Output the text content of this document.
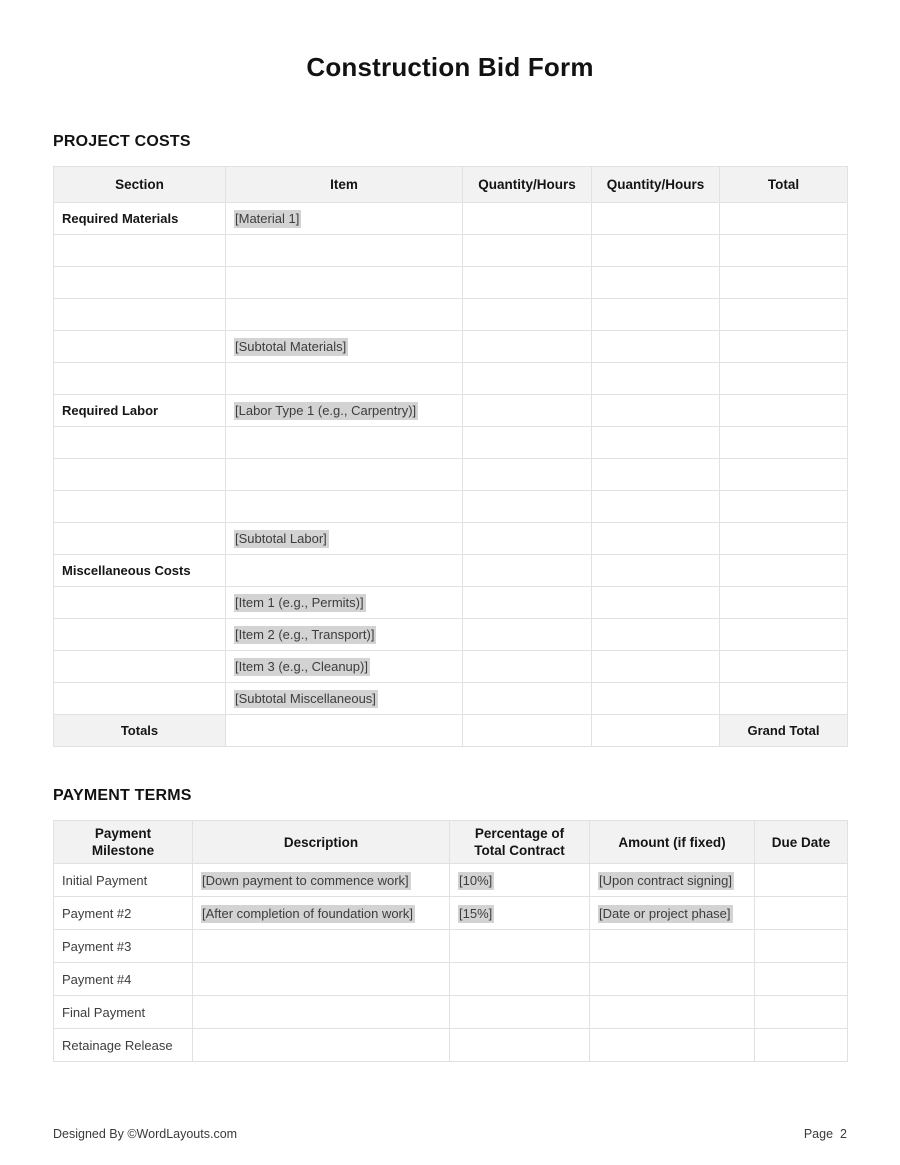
Construction Bid Form
PROJECT COSTS
Section	Item	Quantity/Hours	Quantity/Hours	Total
Required Materials	[Material 1]			

	[Subtotal Materials]			

Required Labor	[Labor Type 1 (e.g., Carpentry)]			

	[Subtotal Labor]			
Miscellaneous Costs				
	[Item 1 (e.g., Permits)]			
	[Item 2 (e.g., Transport)]			
	[Item 3 (e.g., Cleanup)]			
	[Subtotal Miscellaneous]			
Totals				Grand Total
PAYMENT TERMS
Payment Milestone	Description	Percentage of Total Contract	Amount (if fixed)	Due Date
Initial Payment	[Down payment to commence work]	[10%]	[Upon contract signing]	
Payment #2	[After completion of foundation work]	[15%]	[Date or project phase]	
Payment #3				
Payment #4				
Final Payment				
Retainage Release				
Designed By ©WordLayouts.com	Page 2
